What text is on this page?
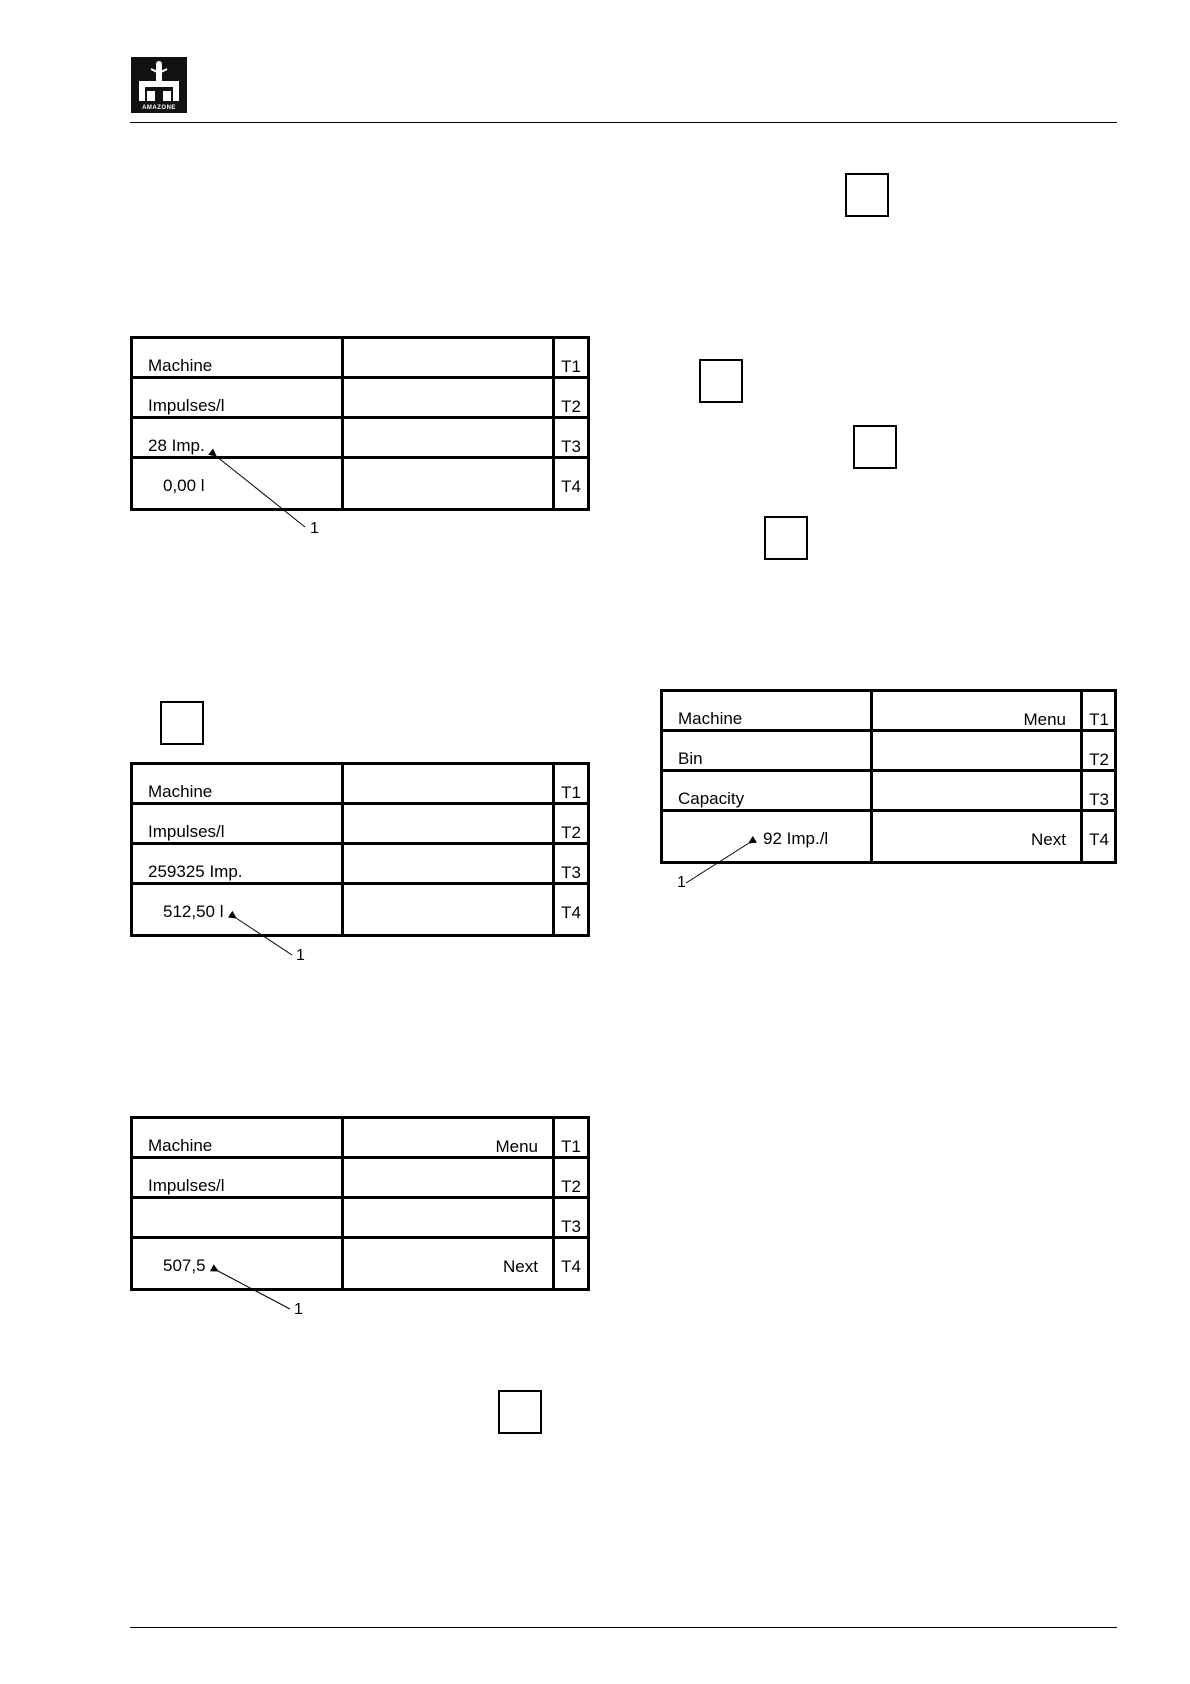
AMAZONE
Machine	T1
Impulses/l	T2
28 Imp.	T3
0,00 l	T4
1
Machine	T1
Impulses/l	T2
259325 Imp.	T3
512,50 l	T4
1
Machine	Menu	T1
Impulses/l	T2
T3
507,5	Next	T4
1
Machine	Menu	T1
Bin	T2
Capacity	T3
92 Imp./l	Next	T4
1
